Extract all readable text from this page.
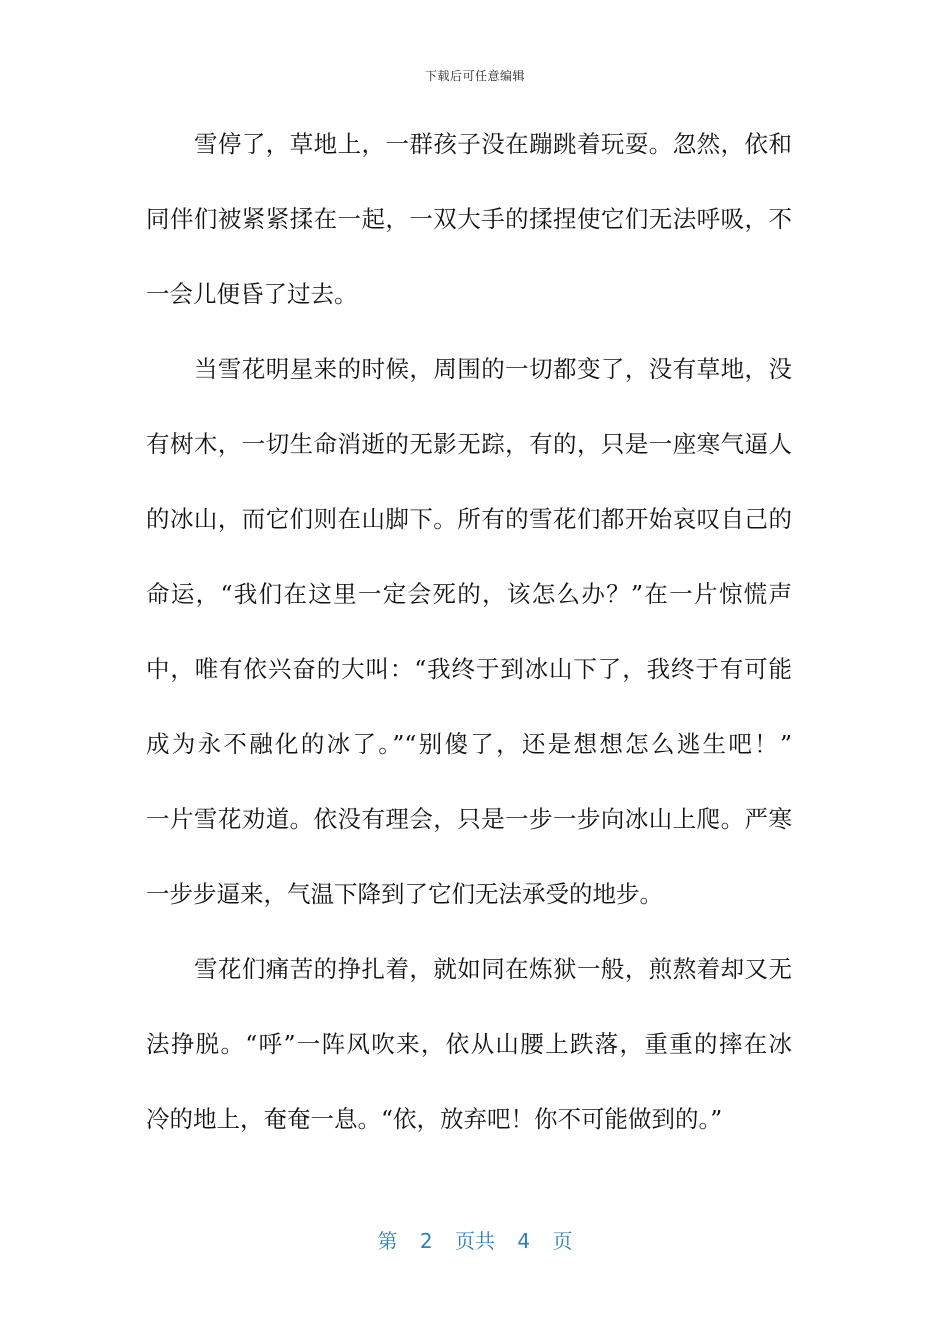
下载后可任意编辑
雪停了，草地上，一群孩子没在蹦跳着玩耍。忽然，依和
同伴们被紧紧揉在一起，一双大手的揉捏使它们无法呼吸，不
一会儿便昏了过去。
当雪花明星来的时候，周围的一切都变了，没有草地，没
有树木，一切生命消逝的无影无踪，有的，只是一座寒气逼人
的冰山，而它们则在山脚下。所有的雪花们都开始哀叹自己的
命运，“我们在这里一定会死的，该怎么办？”在一片惊慌声
中，唯有依兴奋的大叫：“我终于到冰山下了，我终于有可能
成为永不融化的冰了。”“别傻了，还是想想怎么逃生吧！”
一片雪花劝道。依没有理会，只是一步一步向冰山上爬。严寒
一步步逼来，气温下降到了它们无法承受的地步。
雪花们痛苦的挣扎着，就如同在炼狱一般，煎熬着却又无
法挣脱。“呼”一阵风吹来，依从山腰上跌落，重重的摔在冰
冷的地上，奄奄一息。“依，放弃吧！你不可能做到的。”
第 2 页共 4 页
